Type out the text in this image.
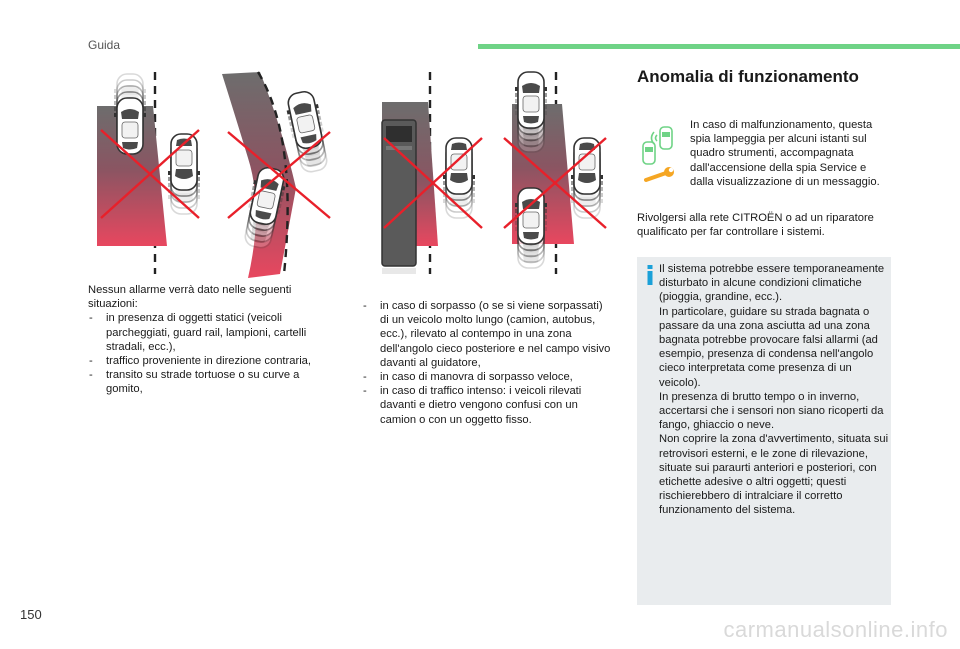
Guida

Nessun allarme verrà dato nelle seguenti situazioni:

- in presenza di oggetti statici (veicoli parcheggiati, guard rail, lampioni, cartelli stradali, ecc.),
- traffico proveniente in direzione contraria,
- transito su strade tortuose o su curve a gomito,
- in caso di sorpasso (o se si viene sorpassati) di un veicolo molto lungo (camion, autobus, ecc.), rilevato al contempo in una zona dell'angolo cieco posteriore e nel campo visivo davanti al guidatore,
- in caso di manovra di sorpasso veloce,
- in caso di traffico intenso: i veicoli rilevati davanti e dietro vengono confusi con un camion o con un oggetto fisso.
Anomalia di funzionamento

In caso di malfunzionamento, questa spia lampeggia per alcuni istanti sul quadro strumenti, accompagnata dall'accensione della spia Service e dalla visualizzazione di un messaggio.

Rivolgersi alla rete CITROËN o ad un riparatore qualificato per far controllare i sistemi.

Il sistema potrebbe essere temporaneamente disturbato in alcune condizioni climatiche (pioggia, grandine, ecc.).

In particolare, guidare su strada bagnata o passare da una zona asciutta ad una zona bagnata potrebbe provocare falsi allarmi (ad esempio, presenza di condensa nell'angolo cieco interpretata come presenza di un veicolo).

In presenza di brutto tempo o in inverno, accertarsi che i sensori non siano ricoperti da fango, ghiaccio o neve.

Non coprire la zona d'avvertimento, situata sui retrovisori esterni, e le zone di rilevazione, situate sui paraurti anteriori e posteriori, con etichette adesive o altri oggetti; questi rischierebbero di intralciare il corretto funzionamento del sistema.

150
carmanualsonline.info
